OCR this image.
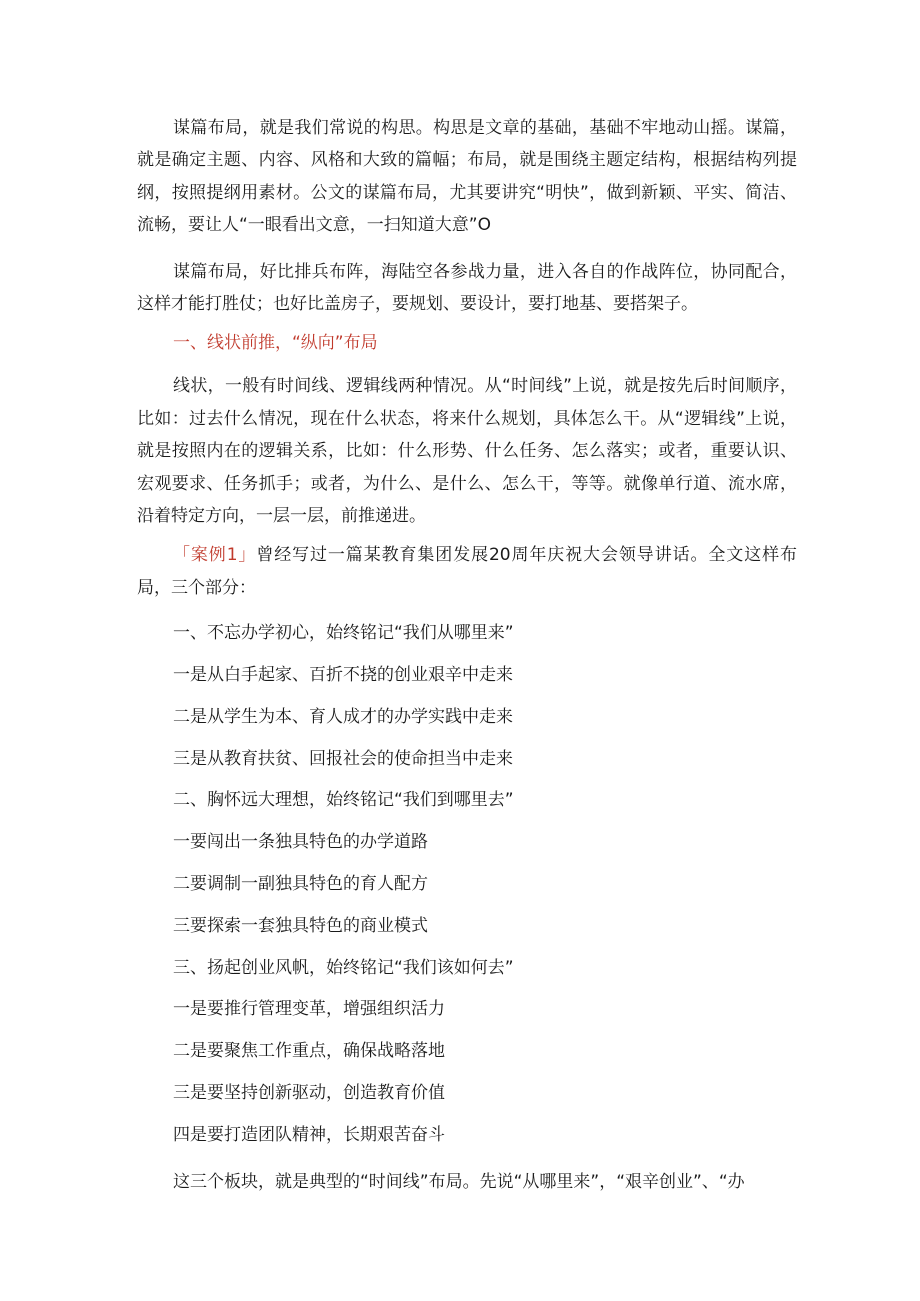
谋篇布局，就是我们常说的构思。构思是文章的基础，基础不牢地动山摇。谋篇，就是确定主题、内容、风格和大致的篇幅；布局，就是围绕主题定结构，根据结构列提纲，按照提纲用素材。公文的谋篇布局，尤其要讲究“明快”，做到新颖、平实、简洁、流畅，要让人“一眼看出文意，一扫知道大意”O

谋篇布局，好比排兵布阵，海陆空各参战力量，进入各自的作战阵位，协同配合，这样才能打胜仗；也好比盖房子，要规划、要设计，要打地基、要搭架子。

一、线状前推，“纵向”布局

线状，一般有时间线、逻辑线两种情况。从“时间线”上说，就是按先后时间顺序，比如：过去什么情况，现在什么状态，将来什么规划，具体怎么干。从“逻辑线”上说，就是按照内在的逻辑关系，比如：什么形势、什么任务、怎么落实；或者，重要认识、宏观要求、任务抓手；或者，为什么、是什么、怎么干，等等。就像单行道、流水席，沿着特定方向，一层一层，前推递进。

「案例1」曾经写过一篇某教育集团发展20周年庆祝大会领导讲话。全文这样布局，三个部分：

一、不忘办学初心，始终铭记“我们从哪里来”

一是从白手起家、百折不挠的创业艰辛中走来

二是从学生为本、育人成才的办学实践中走来

三是从教育扶贫、回报社会的使命担当中走来

二、胸怀远大理想，始终铭记“我们到哪里去”

一要闯出一条独具特色的办学道路

二要调制一副独具特色的育人配方

三要探索一套独具特色的商业模式

三、扬起创业风帆，始终铭记“我们该如何去”

一是要推行管理变革，增强组织活力

二是要聚焦工作重点，确保战略落地

三是要坚持创新驱动，创造教育价值

四是要打造团队精神，长期艰苦奋斗

这三个板块，就是典型的“时间线”布局。先说“从哪里来”，“艰辛创业”、“办
